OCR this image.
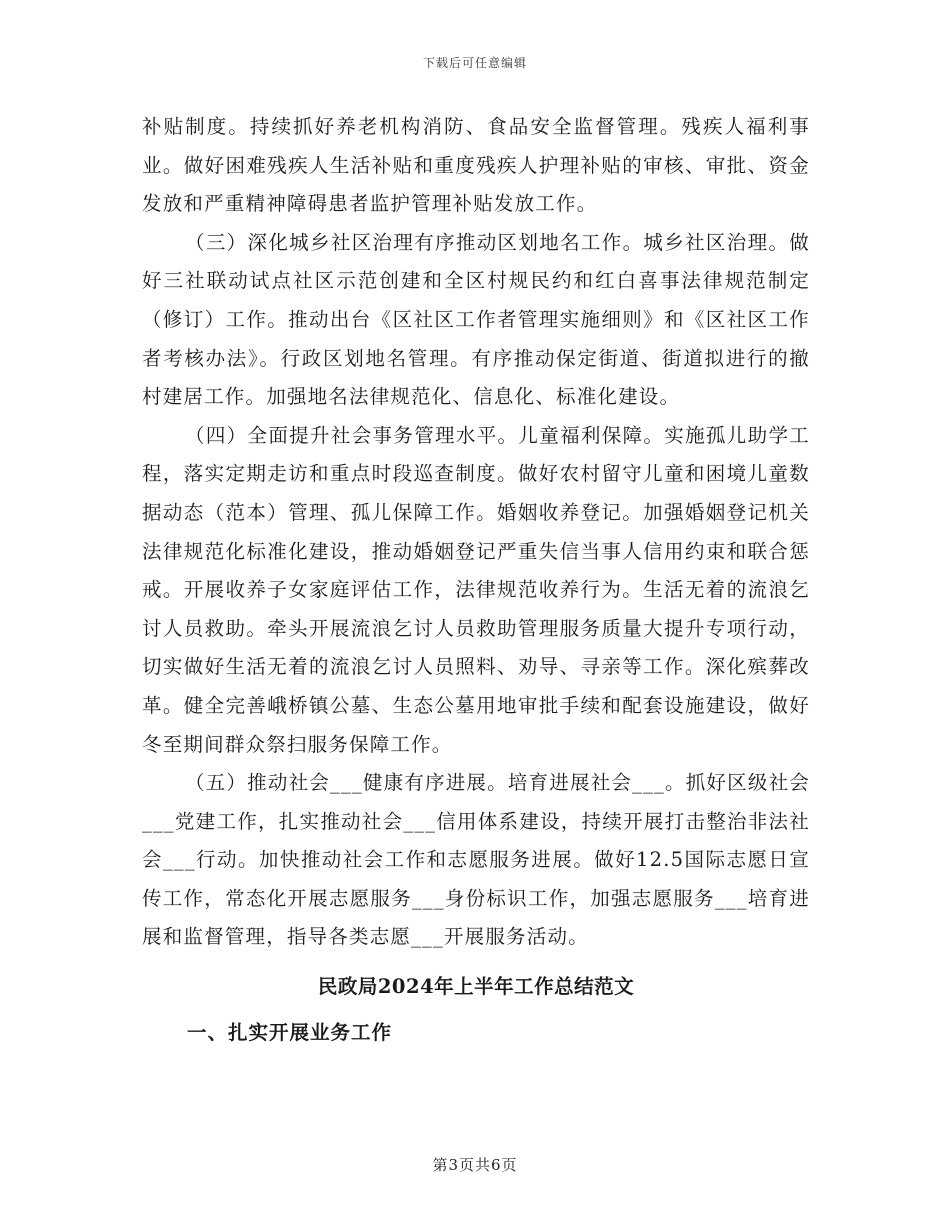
下载后可任意编辑

补贴制度。持续抓好养老机构消防、食品安全监督管理。残疾人福利事业。做好困难残疾人生活补贴和重度残疾人护理补贴的审核、审批、资金发放和严重精神障碍患者监护管理补贴发放工作。

（三）深化城乡社区治理有序推动区划地名工作。城乡社区治理。做好三社联动试点社区示范创建和全区村规民约和红白喜事法律规范制定（修订）工作。推动出台《区社区工作者管理实施细则》和《区社区工作者考核办法》。行政区划地名管理。有序推动保定街道、街道拟进行的撤村建居工作。加强地名法律规范化、信息化、标准化建设。

（四）全面提升社会事务管理水平。儿童福利保障。实施孤儿助学工程，落实定期走访和重点时段巡查制度。做好农村留守儿童和困境儿童数据动态（范本）管理、孤儿保障工作。婚姻收养登记。加强婚姻登记机关法律规范化标准化建设，推动婚姻登记严重失信当事人信用约束和联合惩戒。开展收养子女家庭评估工作，法律规范收养行为。生活无着的流浪乞讨人员救助。牵头开展流浪乞讨人员救助管理服务质量大提升专项行动，切实做好生活无着的流浪乞讨人员照料、劝导、寻亲等工作。深化殡葬改革。健全完善峨桥镇公墓、生态公墓用地审批手续和配套设施建设，做好冬至期间群众祭扫服务保障工作。

（五）推动社会___健康有序进展。培育进展社会___。抓好区级社会___党建工作，扎实推动社会___信用体系建设，持续开展打击整治非法社会___行动。加快推动社会工作和志愿服务进展。做好12.5国际志愿日宣传工作，常态化开展志愿服务___身份标识工作，加强志愿服务___培育进展和监督管理，指导各类志愿___开展服务活动。

民政局2024年上半年工作总结范文
一、扎实开展业务工作
第3页共6页
